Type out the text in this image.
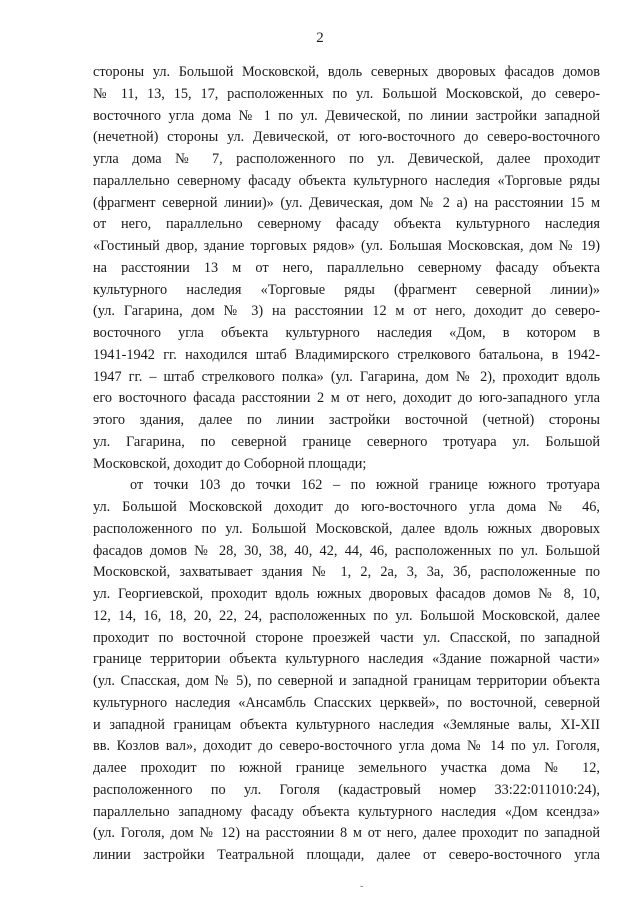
2
стороны ул. Большой Московской, вдоль северных дворовых фасадов домов
№ 11, 13, 15, 17, расположенных по ул. Большой Московской, до северо-
восточного угла дома № 1 по ул. Девической, по линии застройки западной
(нечетной) стороны ул. Девической, от юго-восточного до северо-восточного
угла дома № 7, расположенного по ул. Девической, далее проходит
параллельно северному фасаду объекта культурного наследия «Торговые ряды
(фрагмент северной линии)» (ул. Девическая, дом № 2 а) на расстоянии 15 м
от него, параллельно северному фасаду объекта культурного наследия
«Гостиный двор, здание торговых рядов» (ул. Большая Московская, дом № 19)
на расстоянии 13 м от него, параллельно северному фасаду объекта
культурного наследия «Торговые ряды (фрагмент северной линии)»
(ул. Гагарина, дом № 3) на расстоянии 12 м от него, доходит до северо-
восточного угла объекта культурного наследия «Дом, в котором в
1941-1942 гг. находился штаб Владимирского стрелкового батальона, в 1942-
1947 гг. – штаб стрелкового полка» (ул. Гагарина, дом № 2), проходит вдоль
его восточного фасада расстоянии 2 м от него, доходит до юго-западного угла
этого здания, далее по линии застройки восточной (четной) стороны
ул. Гагарина, по северной границе северного тротуара ул. Большой
Московской, доходит до Соборной площади;
от точки 103 до точки 162 – по южной границе южного тротуара
ул. Большой Московской доходит до юго-восточного угла дома № 46,
расположенного по ул. Большой Московской, далее вдоль южных дворовых
фасадов домов № 28, 30, 38, 40, 42, 44, 46, расположенных по ул. Большой
Московской, захватывает здания № 1, 2, 2а, 3, 3а, 3б, расположенные по
ул. Георгиевской, проходит вдоль южных дворовых фасадов домов № 8, 10,
12, 14, 16, 18, 20, 22, 24, расположенных по ул. Большой Московской, далее
проходит по восточной стороне проезжей части ул. Спасской, по западной
границе территории объекта культурного наследия «Здание пожарной части»
(ул. Спасская, дом № 5), по северной и западной границам территории объекта
культурного наследия «Ансамбль Спасских церквей», по восточной, северной
и западной границам объекта культурного наследия «Земляные валы, XI-XII
вв. Козлов вал», доходит до северо-восточного угла дома № 14 по ул. Гоголя,
далее проходит по южной границе земельного участка дома № 12,
расположенного по ул. Гоголя (кадастровый номер 33:22:011010:24),
параллельно западному фасаду объекта культурного наследия «Дом ксендза»
(ул. Гоголя, дом № 12) на расстоянии 8 м от него, далее проходит по западной
линии застройки Театральной площади, далее от северо-восточного угла
˘
